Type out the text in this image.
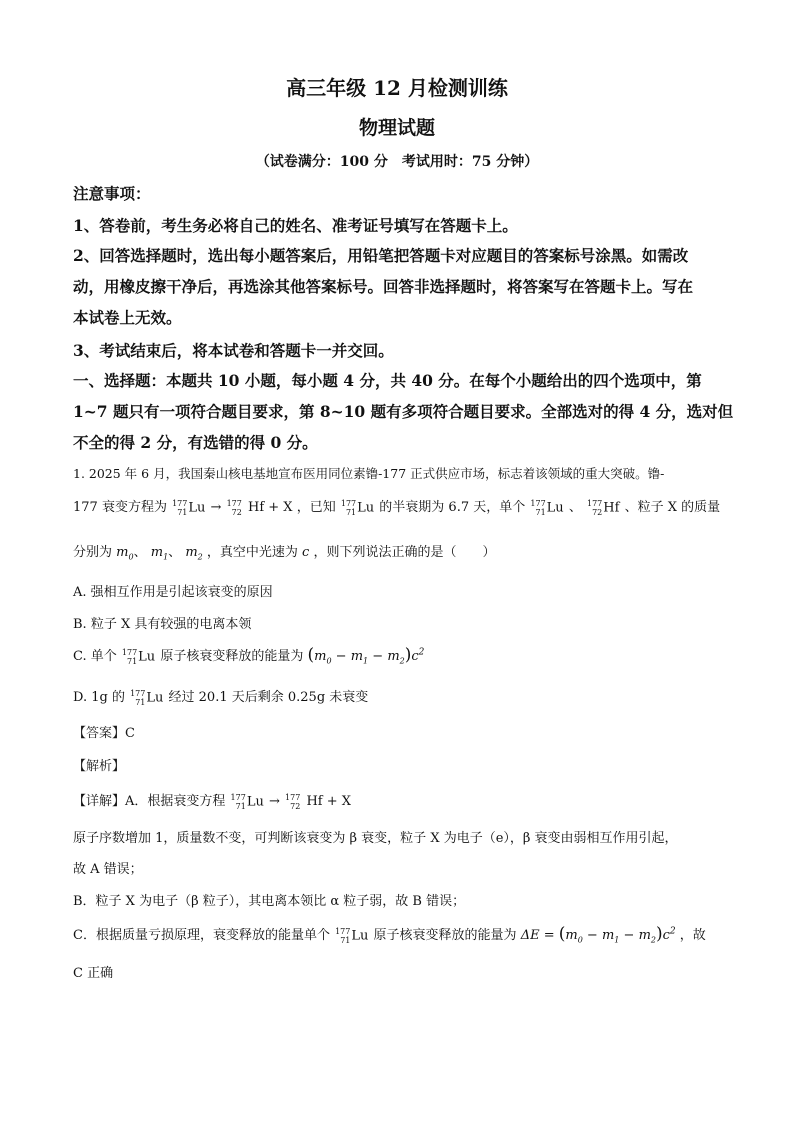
高三年级 12 月检测训练
物理试题
（试卷满分：100 分　考试用时：75 分钟）
注意事项：
1、答卷前，考生务必将自己的姓名、准考证号填写在答题卡上。
2、回答选择题时，选出每小题答案后，用铅笔把答题卡对应题目的答案标号涂黑。如需改
动，用橡皮擦干净后，再选涂其他答案标号。回答非选择题时，将答案写在答题卡上。写在
本试卷上无效。
3、考试结束后，将本试卷和答题卡一并交回。
一、选择题：本题共 10 小题，每小题 4 分，共 40 分。在每个小题给出的四个选项中，第
1~7 题只有一项符合题目要求，第 8~10 题有多项符合题目要求。全部选对的得 4 分，选对但
不全的得 2 分，有选错的得 0 分。
1. 2025 年 6 月，我国秦山核电基地宣布医用同位素镥-177 正式供应市场，标志着该领域的重大突破。镥-
177 衰变方程为 177
71 Lu → 177
72 Hf + X ，已知 177
71 Lu 的半衰期为 6.7 天，单个 177
71 Lu 、 177
72 Hf 、粒子 X 的质量
分别为 $m_0$、 $m_1$、 $m_2$ ，真空中光速为 c ，则下列说法正确的是（　　）
A. 强相互作用是引起该衰变的原因
B. 粒子 X 具有较强的电离本领
C. 单个 177
71 Lu 原子核衰变释放的能量为 $(m_0 - m_1 - m_2)c^2$
D. 1g 的 177
71 Lu 经过 20.1 天后剩余 0.25g 未衰变
【答案】C
【解析】
【详解】A．根据衰变方程 177
71 Lu → 177
72 Hf + X
原子序数增加 1，质量数不变，可判断该衰变为 β 衰变，粒子 X 为电子（e），β 衰变由弱相互作用引起，
故 A 错误；
B．粒子 X 为电子（β 粒子），其电离本领比 α 粒子弱，故 B 错误；
C．根据质量亏损原理，衰变释放的能量单个 177
71 Lu 原子核衰变释放的能量为 $\Delta E = (m_0 - m_1 - m_2)c^2$ ，故
C 正确
